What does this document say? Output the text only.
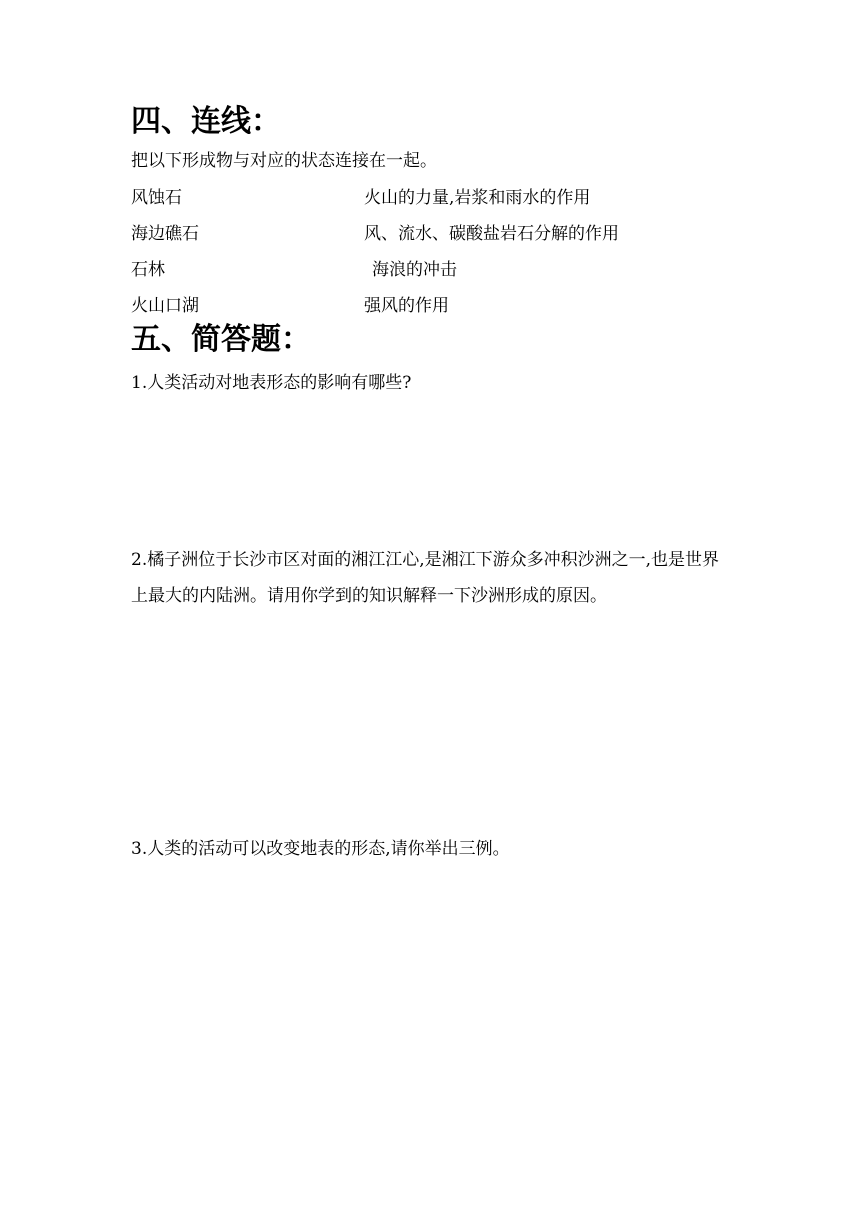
四、连线：
把以下形成物与对应的状态连接在一起。
风蚀石	火山的力量,岩浆和雨水的作用
海边礁石	风、流水、碳酸盐岩石分解的作用
石林	海浪的冲击
火山口湖	强风的作用
五、简答题：
1.人类活动对地表形态的影响有哪些?
2.橘子洲位于长沙市区对面的湘江江心,是湘江下游众多冲积沙洲之一,也是世界上最大的内陆洲。请用你学到的知识解释一下沙洲形成的原因。
3.人类的活动可以改变地表的形态,请你举出三例。
